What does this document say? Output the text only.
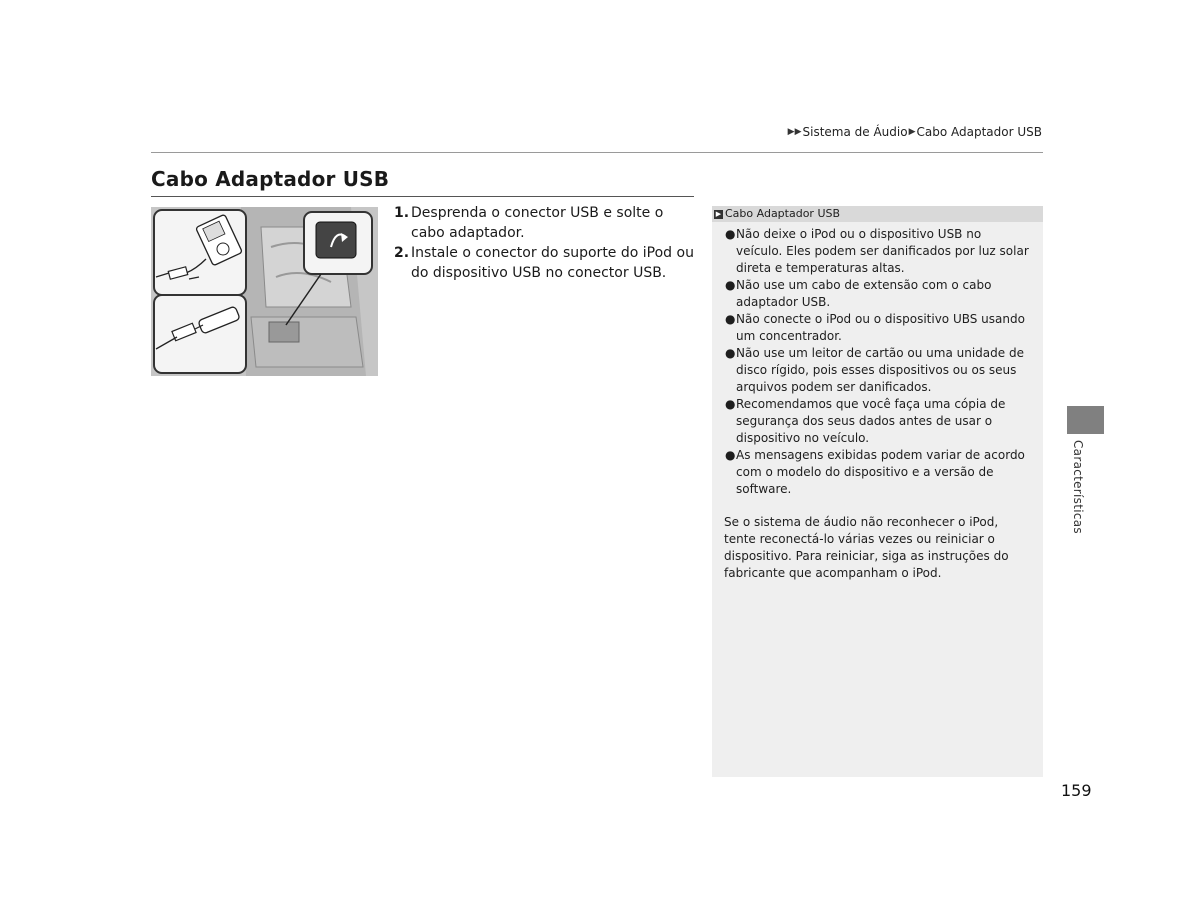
▶▶ Sistema de Áudio ▶ Cabo Adaptador USB
Cabo Adaptador USB
1. Desprenda o conector USB e solte o cabo adaptador.
2. Instale o conector do suporte do iPod ou do dispositivo USB no conector USB.
▶ Cabo Adaptador USB
● Não deixe o iPod ou o dispositivo USB no veículo. Eles podem ser danificados por luz solar direta e temperaturas altas.
● Não use um cabo de extensão com o cabo adaptador USB.
● Não conecte o iPod ou o dispositivo UBS usando um concentrador.
● Não use um leitor de cartão ou uma unidade de disco rígido, pois esses dispositivos ou os seus arquivos podem ser danificados.
● Recomendamos que você faça uma cópia de segurança dos seus dados antes de usar o dispositivo no veículo.
● As mensagens exibidas podem variar de acordo com o modelo do dispositivo e a versão de software.

Se o sistema de áudio não reconhecer o iPod, tente reconectá-lo várias vezes ou reiniciar o dispositivo. Para reiniciar, siga as instruções do fabricante que acompanham o iPod.

Características
159
